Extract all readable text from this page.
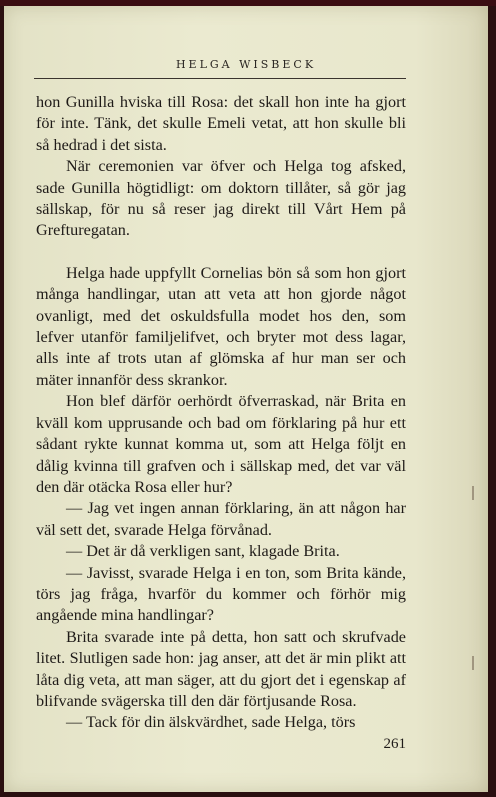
HELGA WISBECK

hon Gunilla hviska till Rosa: det skall hon inte ha gjort för inte. Tänk, det skulle Emeli vetat, att hon skulle bli så hedrad i det sista.

När ceremonien var öfver och Helga tog afsked, sade Gunilla högtidligt: om doktorn tillåter, så gör jag sällskap, för nu så reser jag direkt till Vårt Hem på Grefturegatan.

Helga hade uppfyllt Cornelias bön så som hon gjort många handlingar, utan att veta att hon gjorde något ovanligt, med det oskuldsfulla modet hos den, som lefver utanför familjelifvet, och bryter mot dess lagar, alls inte af trots utan af glömska af hur man ser och mäter innanför dess skrankor.

Hon blef därför oerhördt öfverraskad, när Brita en kväll kom upprusande och bad om förklaring på hur ett sådant rykte kunnat komma ut, som att Helga följt en dålig kvinna till grafven och i sällskap med, det var väl den där otäcka Rosa eller hur?

— Jag vet ingen annan förklaring, än att någon har väl sett det, svarade Helga förvånad.

— Det är då verkligen sant, klagade Brita.

— Javisst, svarade Helga i en ton, som Brita kände, törs jag fråga, hvarför du kommer och förhör mig angående mina handlingar?

Brita svarade inte på detta, hon satt och skrufvade litet. Slutligen sade hon: jag anser, att det är min plikt att låta dig veta, att man säger, att du gjort det i egenskap af blifvande svägerska till den där förtjusande Rosa.

— Tack för din älskvärdhet, sade Helga, törs

261
